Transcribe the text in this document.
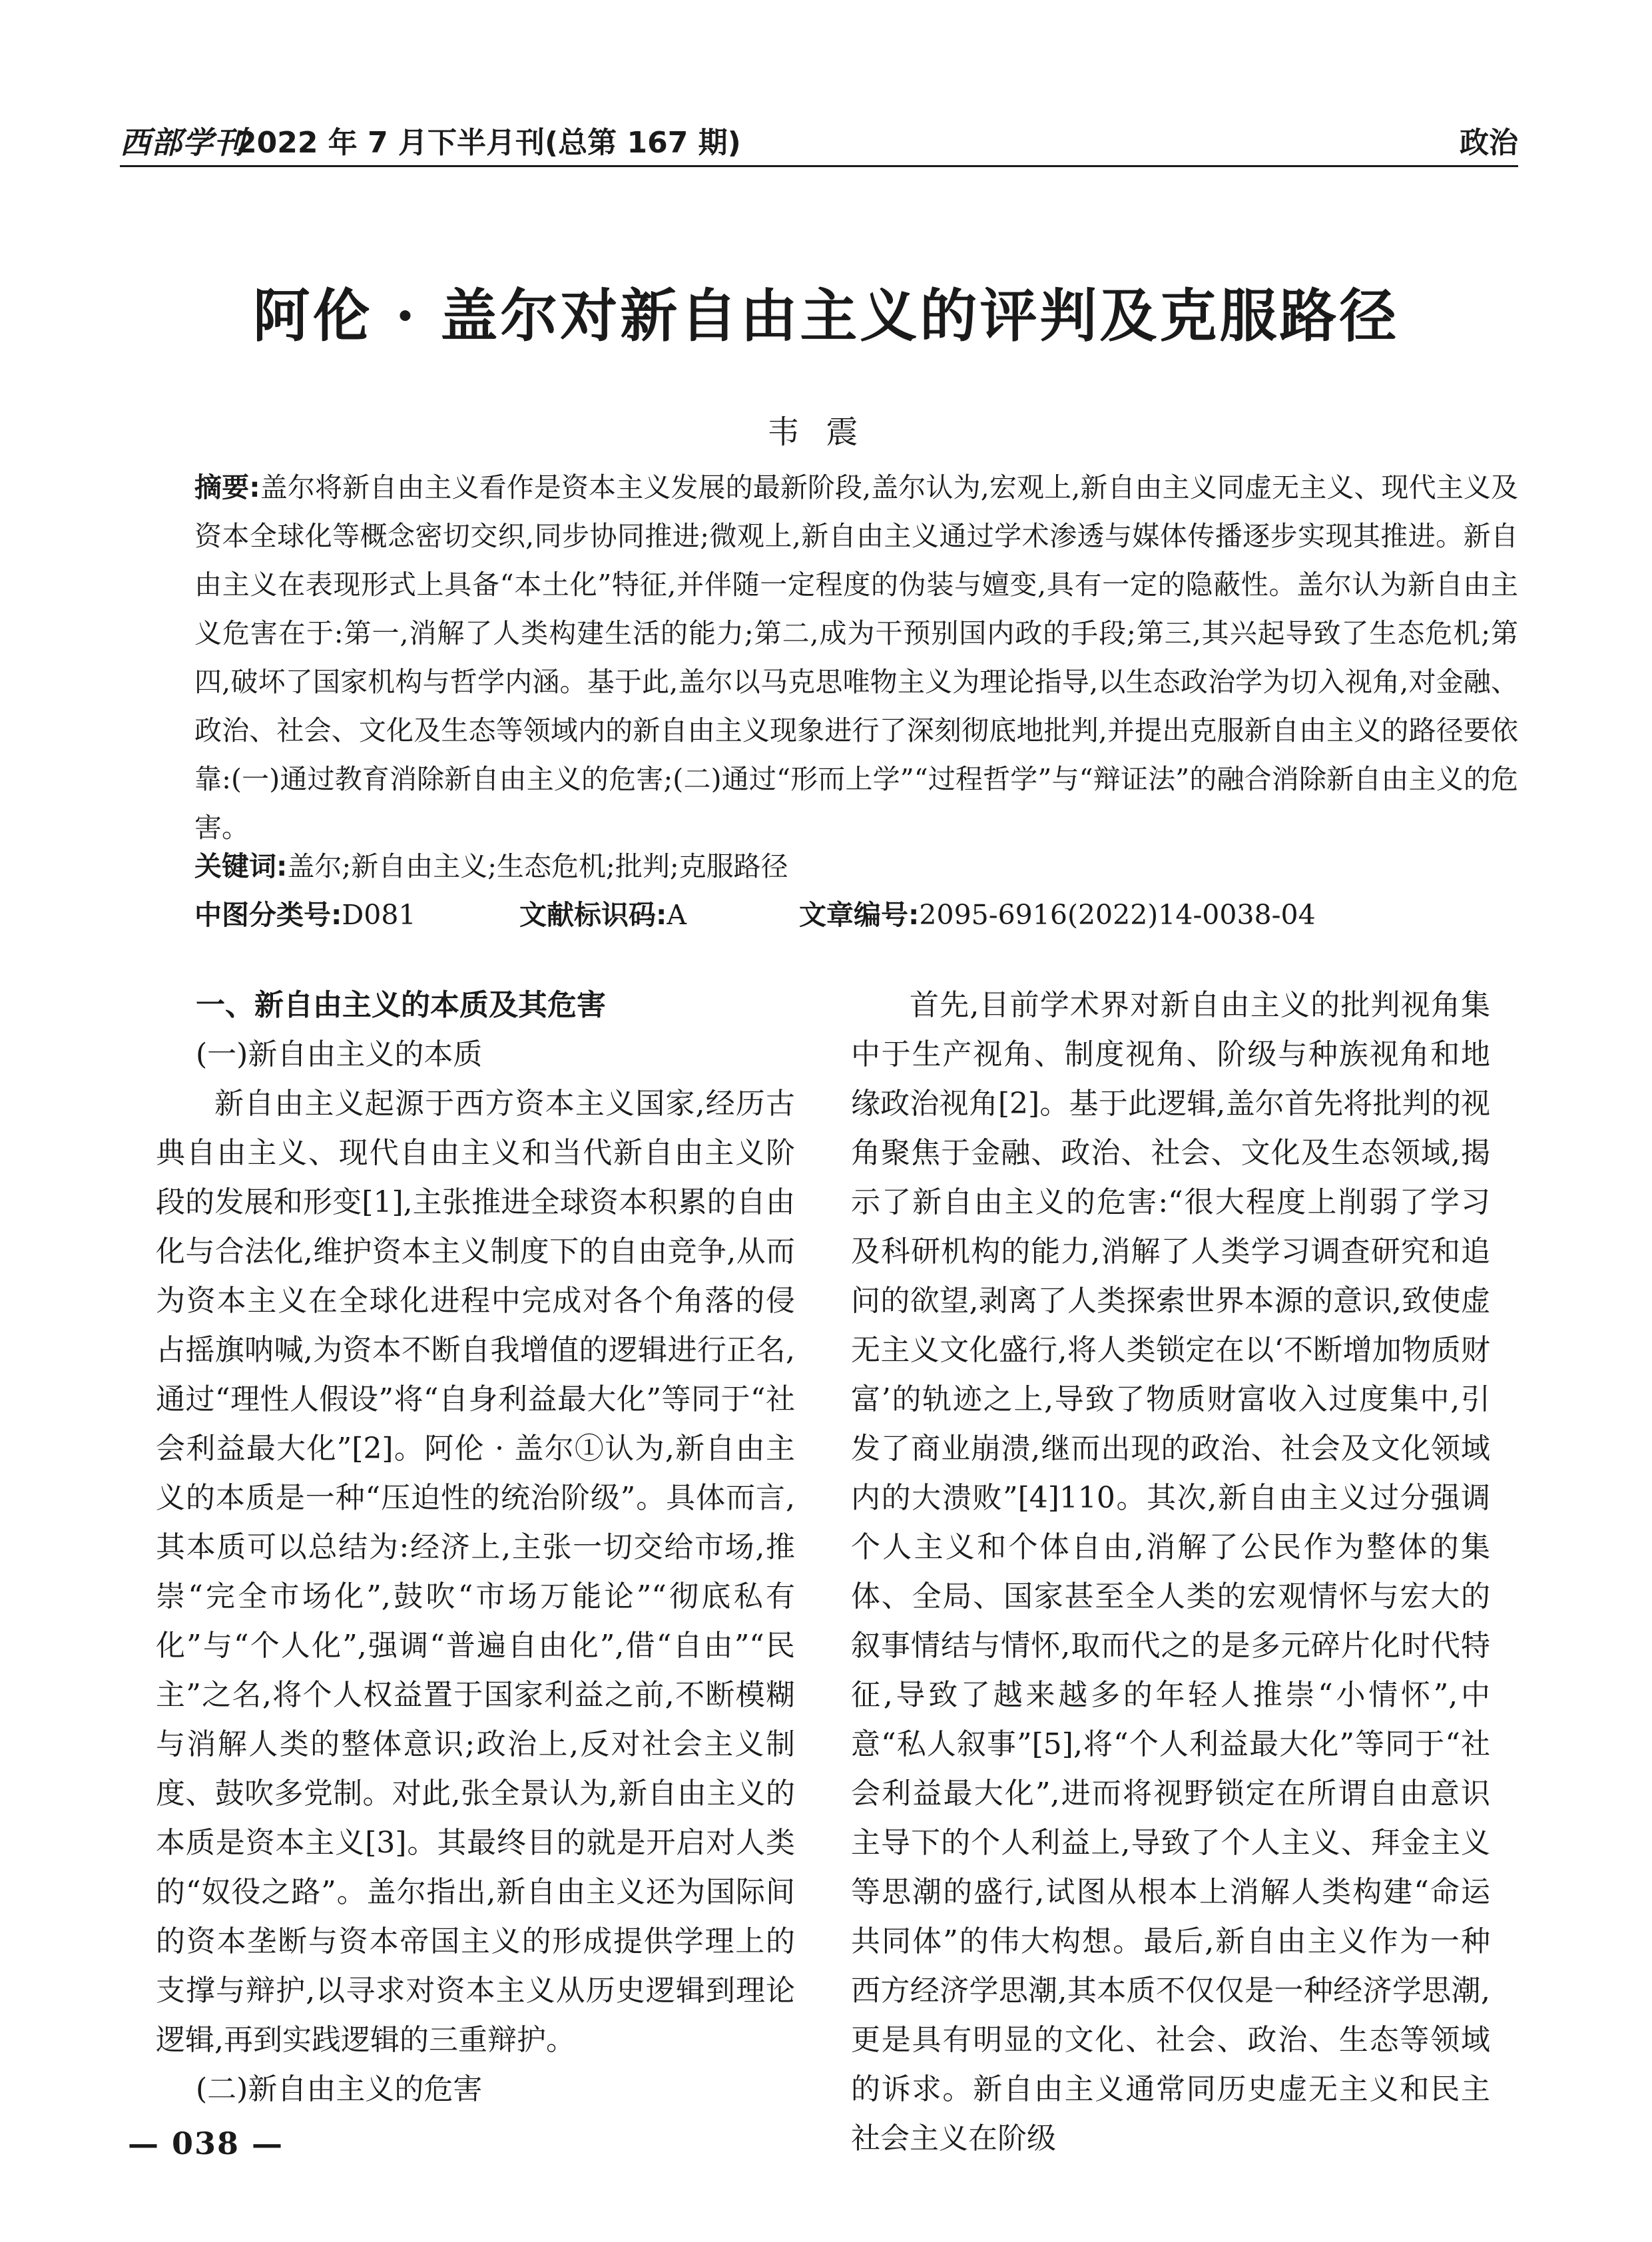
西部学刊
2022 年 7 月下半月刊(总第 167 期)	政治
阿伦 · 盖尔对新自由主义的评判及克服路径
韦震
摘要:盖尔将新自由主义看作是资本主义发展的最新阶段,盖尔认为,宏观上,新自由主义同虚无主义、现代主义及资本全球化等概念密切交织,同步协同推进;微观上,新自由主义通过学术渗透与媒体传播逐步实现其推进。新自由主义在表现形式上具备“本土化”特征,并伴随一定程度的伪装与嬗变,具有一定的隐蔽性。盖尔认为新自由主义危害在于:第一,消解了人类构建生活的能力;第二,成为干预别国内政的手段;第三,其兴起导致了生态危机;第四,破坏了国家机构与哲学内涵。基于此,盖尔以马克思唯物主义为理论指导,以生态政治学为切入视角,对金融、政治、社会、文化及生态等领域内的新自由主义现象进行了深刻彻底地批判,并提出克服新自由主义的路径要依靠:(一)通过教育消除新自由主义的危害;(二)通过“形而上学”“过程哲学”与“辩证法”的融合消除新自由主义的危害。
关键词:盖尔;新自由主义;生态危机;批判;克服路径
中图分类号:D081	文献标识码:A	文章编号:2095-6916(2022)14-0038-04
一、新自由主义的本质及其危害
(一)新自由主义的本质

新自由主义起源于西方资本主义国家,经历古典自由主义、现代自由主义和当代新自由主义阶段的发展和形变[1],主张推进全球资本积累的自由化与合法化,维护资本主义制度下的自由竞争,从而为资本主义在全球化进程中完成对各个角落的侵占摇旗呐喊,为资本不断自我增值的逻辑进行正名,通过“理性人假设”将“自身利益最大化”等同于“社会利益最大化”[2]。阿伦 · 盖尔①认为,新自由主义的本质是一种“压迫性的统治阶级”。具体而言,其本质可以总结为:经济上,主张一切交给市场,推崇“完全市场化”,鼓吹“市场万能论”“彻底私有化”与“个人化”,强调“普遍自由化”,借“自由”“民主”之名,将个人权益置于国家利益之前,不断模糊与消解人类的整体意识;政治上,反对社会主义制度、鼓吹多党制。对此,张全景认为,新自由主义的本质是资本主义[3]。其最终目的就是开启对人类的“奴役之路”。盖尔指出,新自由主义还为国际间的资本垄断与资本帝国主义的形成提供学理上的支撑与辩护,以寻求对资本主义从历史逻辑到理论逻辑,再到实践逻辑的三重辩护。

(二)新自由主义的危害

首先,目前学术界对新自由主义的批判视角集中于生产视角、制度视角、阶级与种族视角和地缘政治视角[2]。基于此逻辑,盖尔首先将批判的视角聚焦于金融、政治、社会、文化及生态领域,揭示了新自由主义的危害:“很大程度上削弱了学习及科研机构的能力,消解了人类学习调查研究和追问的欲望,剥离了人类探索世界本源的意识,致使虚无主义文化盛行,将人类锁定在以‘不断增加物质财富’的轨迹之上,导致了物质财富收入过度集中,引发了商业崩溃,继而出现的政治、社会及文化领域内的大溃败”[4]110。其次,新自由主义过分强调个人主义和个体自由,消解了公民作为整体的集体、全局、国家甚至全人类的宏观情怀与宏大的叙事情结与情怀,取而代之的是多元碎片化时代特征,导致了越来越多的年轻人推崇“小情怀”,中意“私人叙事”[5],将“个人利益最大化”等同于“社会利益最大化”,进而将视野锁定在所谓自由意识主导下的个人利益上,导致了个人主义、拜金主义等思潮的盛行,试图从根本上消解人类构建“命运共同体”的伟大构想。最后,新自由主义作为一种西方经济学思潮,其本质不仅仅是一种经济学思潮,更是具有明显的文化、社会、政治、生态等领域的诉求。新自由主义通常同历史虚无主义和民主社会主义在阶级

— 038 —
